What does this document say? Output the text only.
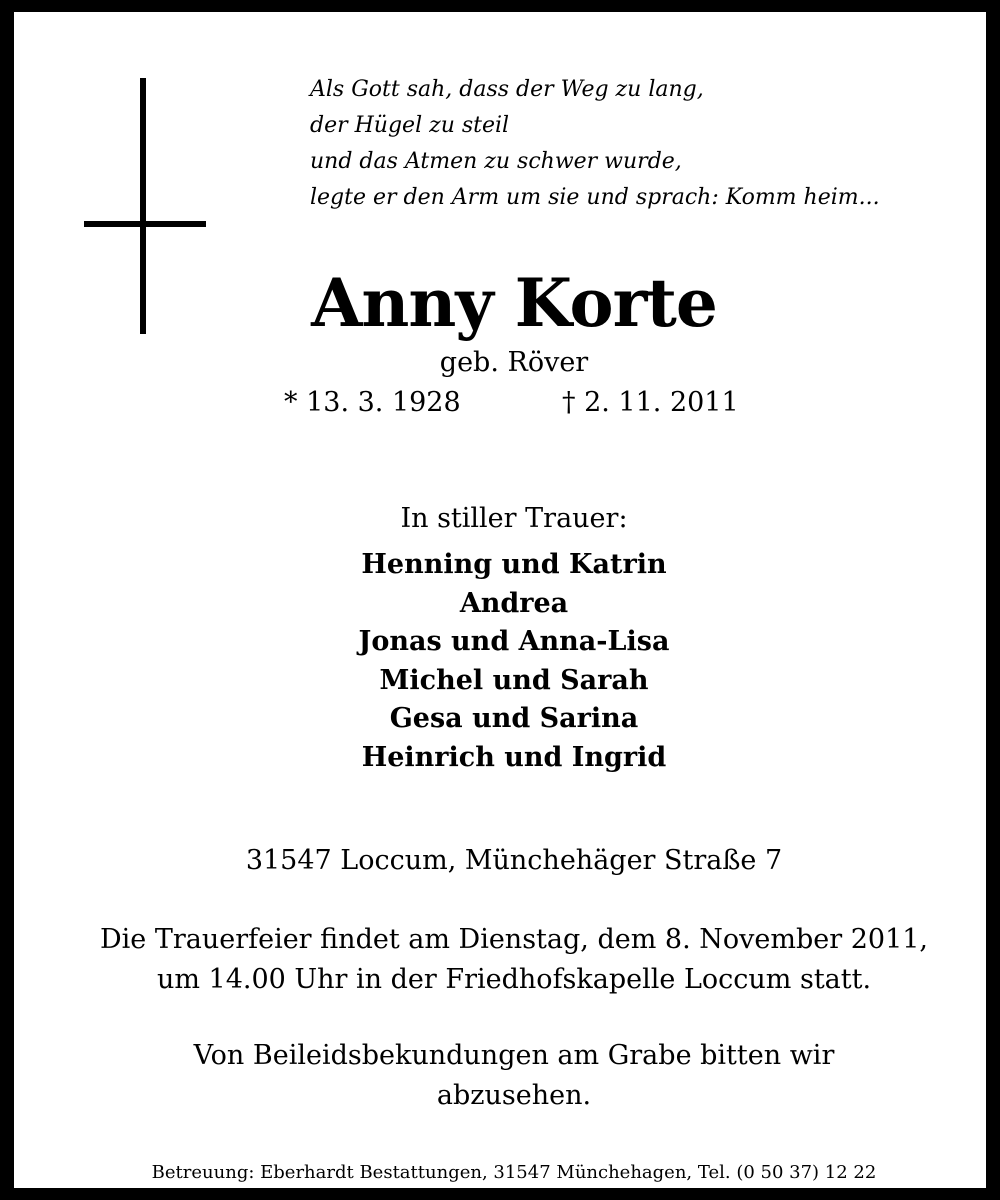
Als Gott sah, dass der Weg zu lang,
der Hügel zu steil
und das Atmen zu schwer wurde,
legte er den Arm um sie und sprach: Komm heim...
Anny Korte
geb. Röver
* 13. 3. 1928	† 2. 11. 2011
In stiller Trauer:
Henning und Katrin
Andrea
Jonas und Anna-Lisa
Michel und Sarah
Gesa und Sarina
Heinrich und Ingrid
31547 Loccum, Münchehäger Straße 7
Die Trauerfeier findet am Dienstag, dem 8. November 2011,
um 14.00 Uhr in der Friedhofskapelle Loccum statt.
Von Beileidsbekundungen am Grabe bitten wir
abzusehen.
Betreuung: Eberhardt Bestattungen, 31547 Münchehagen, Tel. (0 50 37) 12 22
